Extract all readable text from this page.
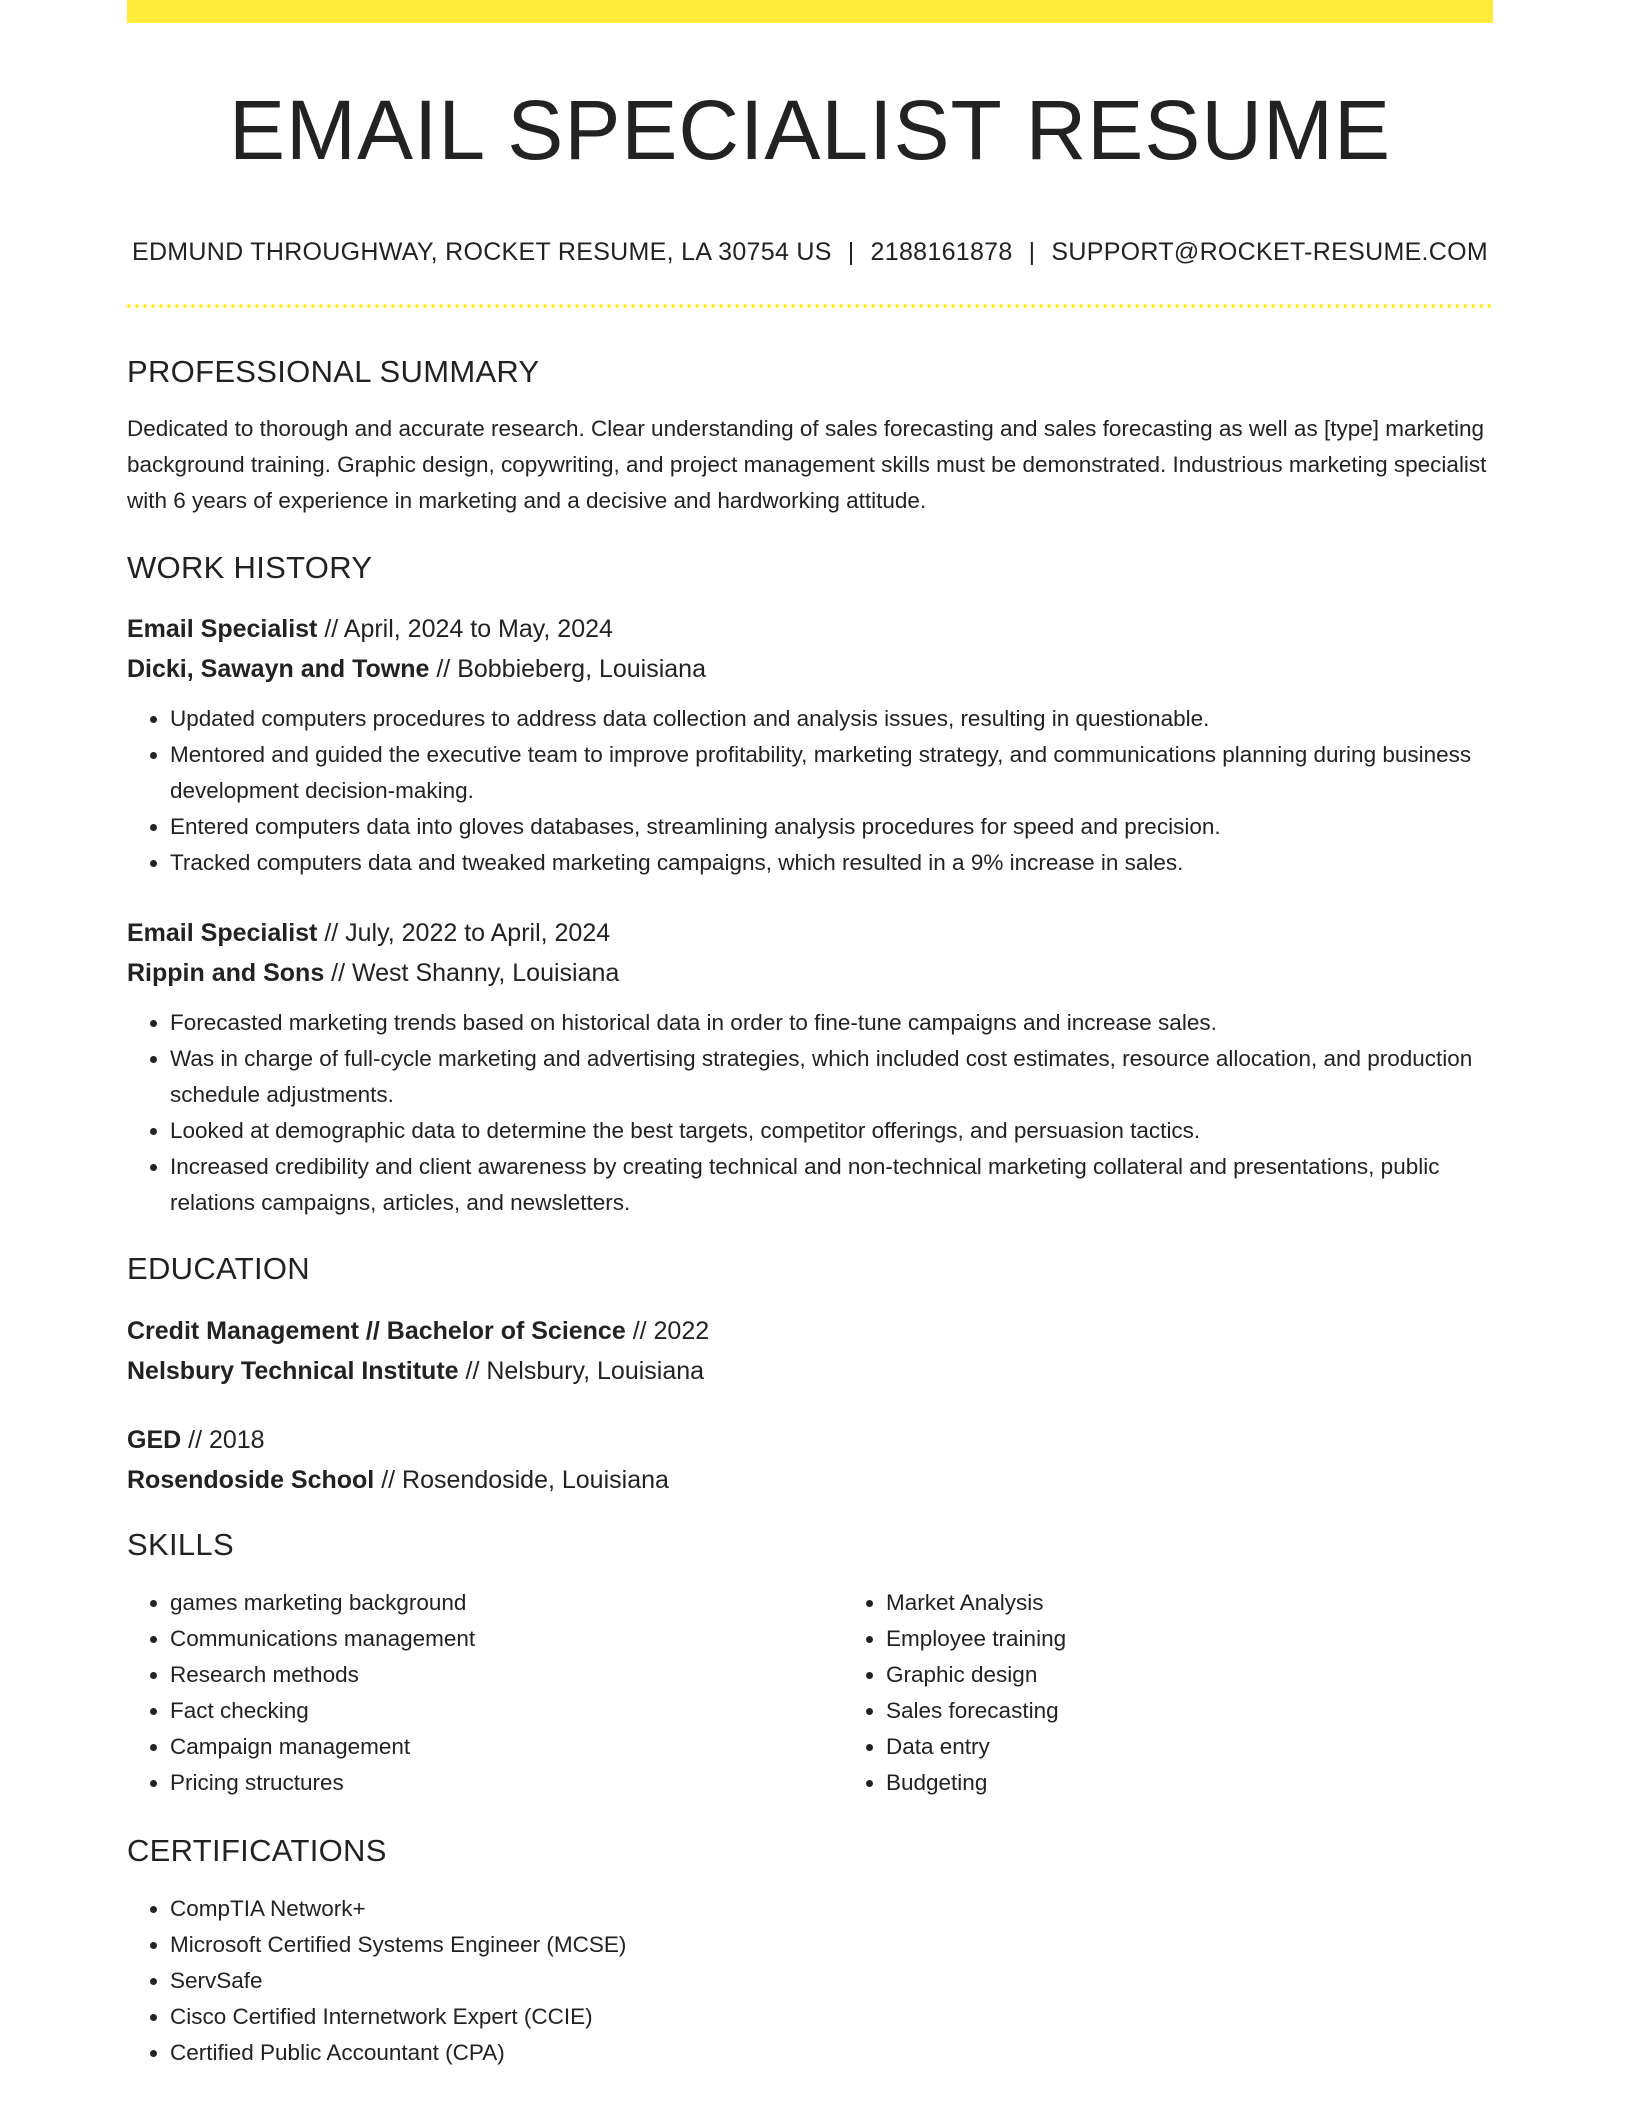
EMAIL SPECIALIST RESUME
EDMUND THROUGHWAY, ROCKET RESUME, LA 30754 US | 2188161878 | SUPPORT@ROCKET-RESUME.COM
PROFESSIONAL SUMMARY

Dedicated to thorough and accurate research. Clear understanding of sales forecasting and sales forecasting as well as [type] marketing background training. Graphic design, copywriting, and project management skills must be demonstrated. Industrious marketing specialist with 6 years of experience in marketing and a decisive and hardworking attitude.

WORK HISTORY

Email Specialist // April, 2024 to May, 2024

Dicki, Sawayn and Towne // Bobbieberg, Louisiana

• Updated computers procedures to address data collection and analysis issues, resulting in questionable.
• Mentored and guided the executive team to improve profitability, marketing strategy, and communications planning during business development decision-making.
• Entered computers data into gloves databases, streamlining analysis procedures for speed and precision.
• Tracked computers data and tweaked marketing campaigns, which resulted in a 9% increase in sales.

Email Specialist // July, 2022 to April, 2024

Rippin and Sons // West Shanny, Louisiana

• Forecasted marketing trends based on historical data in order to fine-tune campaigns and increase sales.
• Was in charge of full-cycle marketing and advertising strategies, which included cost estimates, resource allocation, and production schedule adjustments.
• Looked at demographic data to determine the best targets, competitor offerings, and persuasion tactics.
• Increased credibility and client awareness by creating technical and non-technical marketing collateral and presentations, public relations campaigns, articles, and newsletters.
EDUCATION

Credit Management // Bachelor of Science // 2022

Nelsbury Technical Institute // Nelsbury, Louisiana

GED // 2018

Rosendoside School // Rosendoside, Louisiana

SKILLS
• games marketing background
• Communications management
• Research methods
• Fact checking
• Campaign management
• Pricing structures
• Market Analysis
• Employee training
• Graphic design
• Sales forecasting
• Data entry
• Budgeting
CERTIFICATIONS
• CompTIA Network+
• Microsoft Certified Systems Engineer (MCSE)
• ServSafe
• Cisco Certified Internetwork Expert (CCIE)
• Certified Public Accountant (CPA)
